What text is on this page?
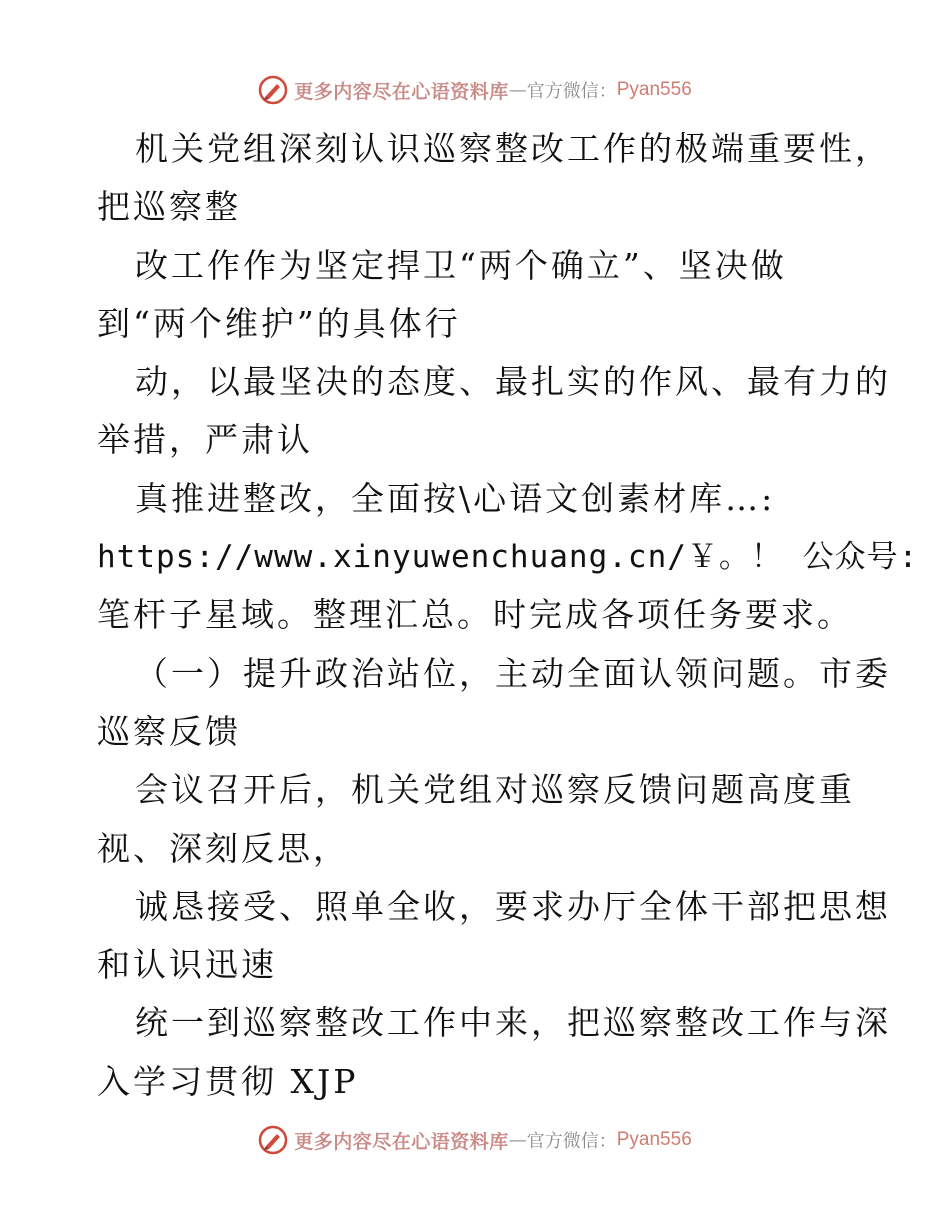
更多内容尽在心语资料库 — 官方微信： Pyan556
机关党组深刻认识巡察整改工作的极端重要性，
把巡察整
改工作作为坚定捍卫“两个确立”、坚决做
到“两个维护”的具体行
动，以最坚决的态度、最扎实的作风、最有力的
举措，严肃认
真推进整改，全面按\心语文创素材库…:
https://www.xinyuwenchuang.cn/￥。！ 公众号:
笔杆子星域。整理汇总。时完成各项任务要求。
（一）提升政治站位，主动全面认领问题。市委
巡察反馈
会议召开后，机关党组对巡察反馈问题高度重
视、深刻反思，
诚恳接受、照单全收，要求办厅全体干部把思想
和认识迅速
统一到巡察整改工作中来，把巡察整改工作与深
入学习贯彻 XJP
更多内容尽在心语资料库 — 官方微信： Pyan556
